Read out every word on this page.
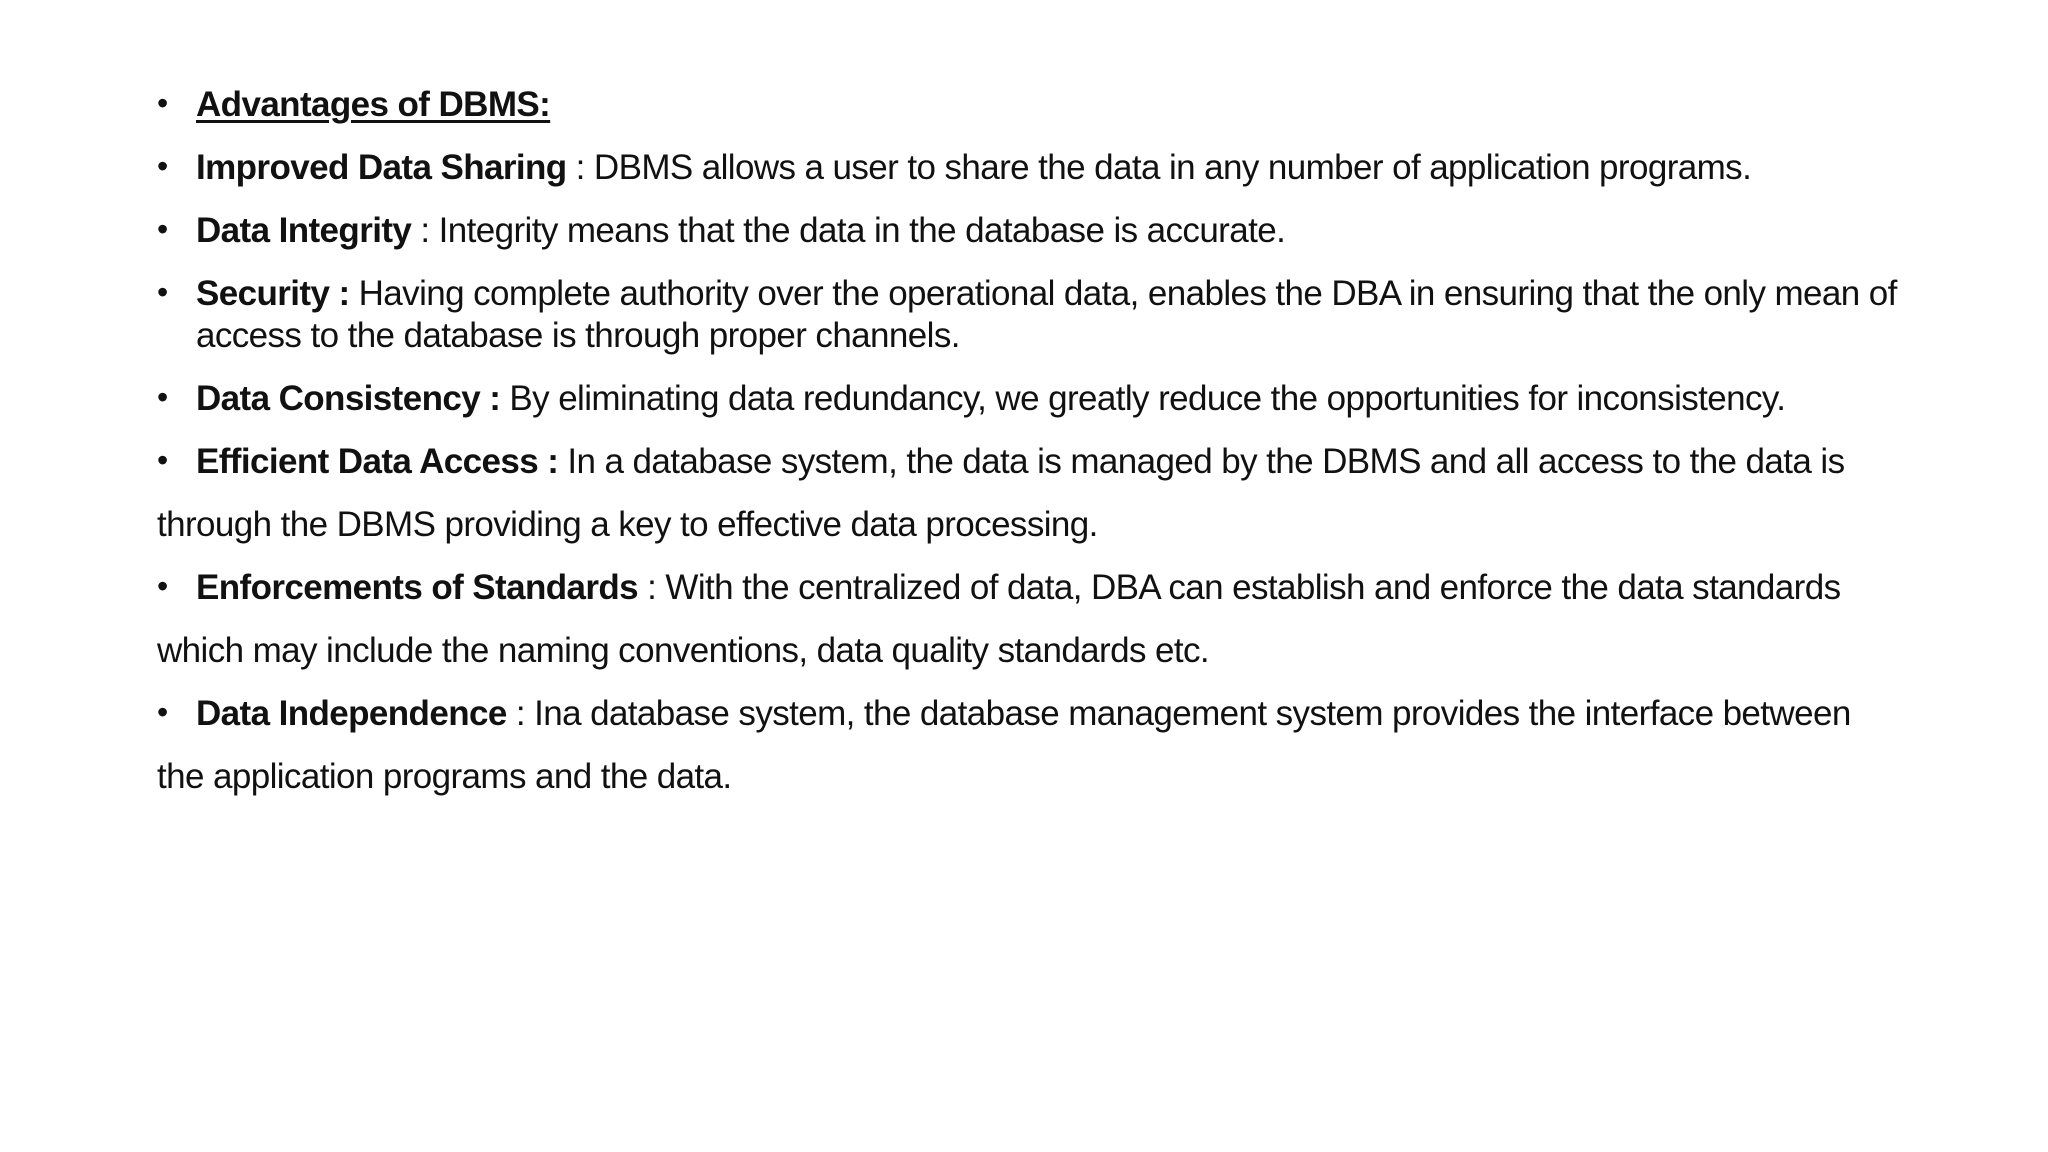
• Advantages of DBMS:
• Improved Data Sharing : DBMS allows a user to share the data in any number of application programs.
• Data Integrity : Integrity means that the data in the database is accurate.
• Security : Having complete authority over the operational data, enables the DBA in ensuring that the only mean of access to the database is through proper channels.
• Data Consistency : By eliminating data redundancy, we greatly reduce the opportunities for inconsistency.
• Efficient Data Access : In a database system, the data is managed by the DBMS and all access to the data is
through the DBMS providing a key to effective data processing.
• Enforcements of Standards : With the centralized of data, DBA can establish and enforce the data standards
which may include the naming conventions, data quality standards etc.
• Data Independence : Ina database system, the database management system provides the interface between
the application programs and the data.
